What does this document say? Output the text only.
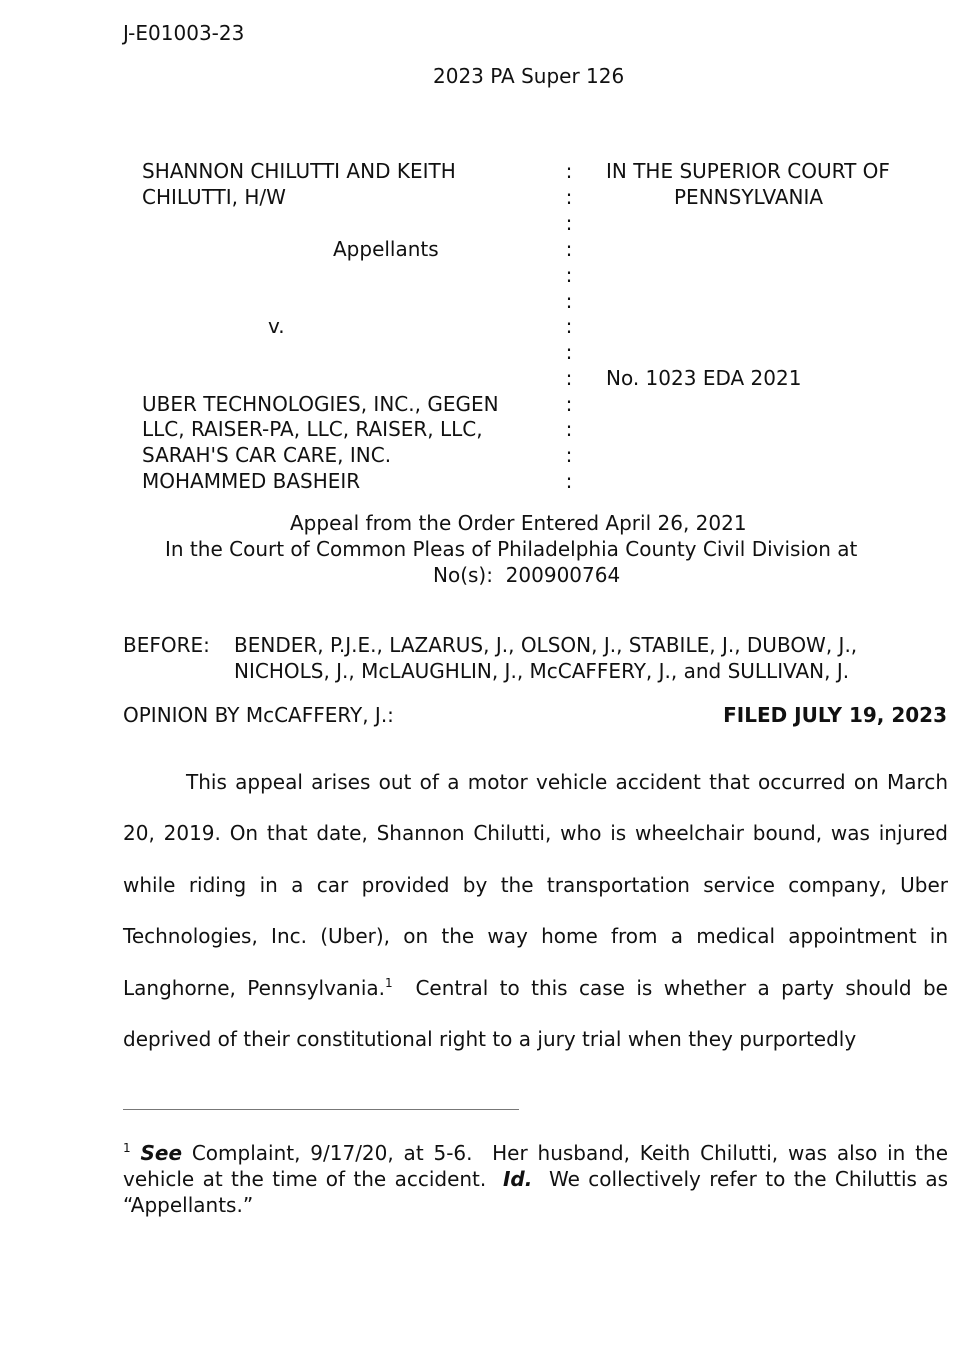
J-E01003-23
2023 PA Super 126
SHANNON CHILUTTI AND KEITH
CHILUTTI, H/W
Appellants
v.
UBER TECHNOLOGIES, INC., GEGEN
LLC, RAISER-PA, LLC, RAISER, LLC,
SARAH'S CAR CARE, INC.
MOHAMMED BASHEIR
:
:
:
:
:
:
:
:
:
:
:
:
:
IN THE SUPERIOR COURT OF
PENNSYLVANIA
No. 1023 EDA 2021
Appeal from the Order Entered April 26, 2021
In the Court of Common Pleas of Philadelphia County Civil Division at
No(s):  200900764
BEFORE: BENDER, P.J.E., LAZARUS, J., OLSON, J., STABILE, J., DUBOW, J.,
NICHOLS, J., McLAUGHLIN, J., McCAFFERY, J., and SULLIVAN, J.
OPINION BY McCAFFERY, J.:	FILED JULY 19, 2023

This appeal arises out of a motor vehicle accident that occurred on March 20, 2019. On that date, Shannon Chilutti, who is wheelchair bound, was injured while riding in a car provided by the transportation service company, Uber Technologies, Inc. (Uber), on the way home from a medical appointment in Langhorne, Pennsylvania.$^1$  Central to this case is whether a party should be deprived of their constitutional right to a jury trial when they purportedly

$^1$ See Complaint, 9/17/20, at 5-6.  Her husband, Keith Chilutti, was also in the vehicle at the time of the accident.  Id.  We collectively refer to the Chiluttis as “Appellants.”
